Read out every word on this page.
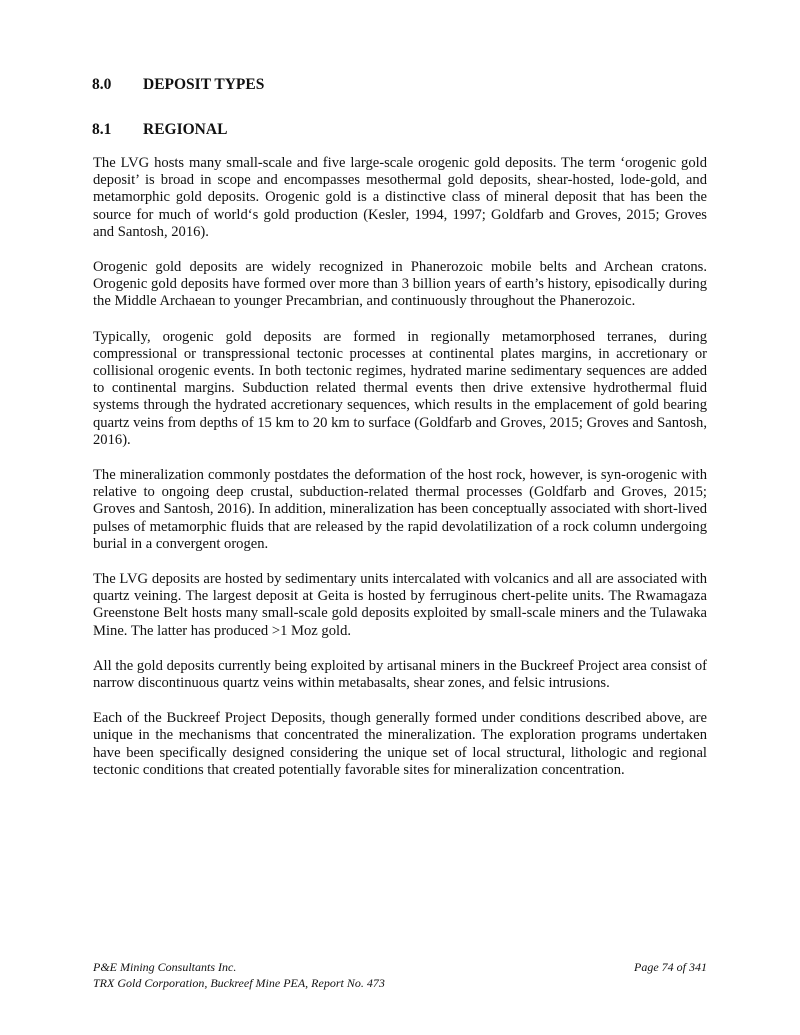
8.0 DEPOSIT TYPES
8.1 REGIONAL

The LVG hosts many small-scale and five large-scale orogenic gold deposits. The term ‘orogenic gold deposit’ is broad in scope and encompasses mesothermal gold deposits, shear-hosted, lode-gold, and metamorphic gold deposits. Orogenic gold is a distinctive class of mineral deposit that has been the source for much of world‘s gold production (Kesler, 1994, 1997; Goldfarb and Groves, 2015; Groves and Santosh, 2016).

Orogenic gold deposits are widely recognized in Phanerozoic mobile belts and Archean cratons. Orogenic gold deposits have formed over more than 3 billion years of earth’s history, episodically during the Middle Archaean to younger Precambrian, and continuously throughout the Phanerozoic.

Typically, orogenic gold deposits are formed in regionally metamorphosed terranes, during compressional or transpressional tectonic processes at continental plates margins, in accretionary or collisional orogenic events. In both tectonic regimes, hydrated marine sedimentary sequences are added to continental margins. Subduction related thermal events then drive extensive hydrothermal fluid systems through the hydrated accretionary sequences, which results in the emplacement of gold bearing quartz veins from depths of 15 km to 20 km to surface (Goldfarb and Groves, 2015; Groves and Santosh, 2016).

The mineralization commonly postdates the deformation of the host rock, however, is syn-orogenic with relative to ongoing deep crustal, subduction-related thermal processes (Goldfarb and Groves, 2015; Groves and Santosh, 2016). In addition, mineralization has been conceptually associated with short-lived pulses of metamorphic fluids that are released by the rapid devolatilization of a rock column undergoing burial in a convergent orogen.

The LVG deposits are hosted by sedimentary units intercalated with volcanics and all are associated with quartz veining. The largest deposit at Geita is hosted by ferruginous chert-pelite units. The Rwamagaza Greenstone Belt hosts many small-scale gold deposits exploited by small-scale miners and the Tulawaka Mine. The latter has produced >1 Moz gold.

All the gold deposits currently being exploited by artisanal miners in the Buckreef Project area consist of narrow discontinuous quartz veins within metabasalts, shear zones, and felsic intrusions.

Each of the Buckreef Project Deposits, though generally formed under conditions described above, are unique in the mechanisms that concentrated the mineralization. The exploration programs undertaken have been specifically designed considering the unique set of local structural, lithologic and regional tectonic conditions that created potentially favorable sites for mineralization concentration.

P&E Mining Consultants Inc.	Page 74 of 341
TRX Gold Corporation, Buckreef Mine PEA, Report No. 473
